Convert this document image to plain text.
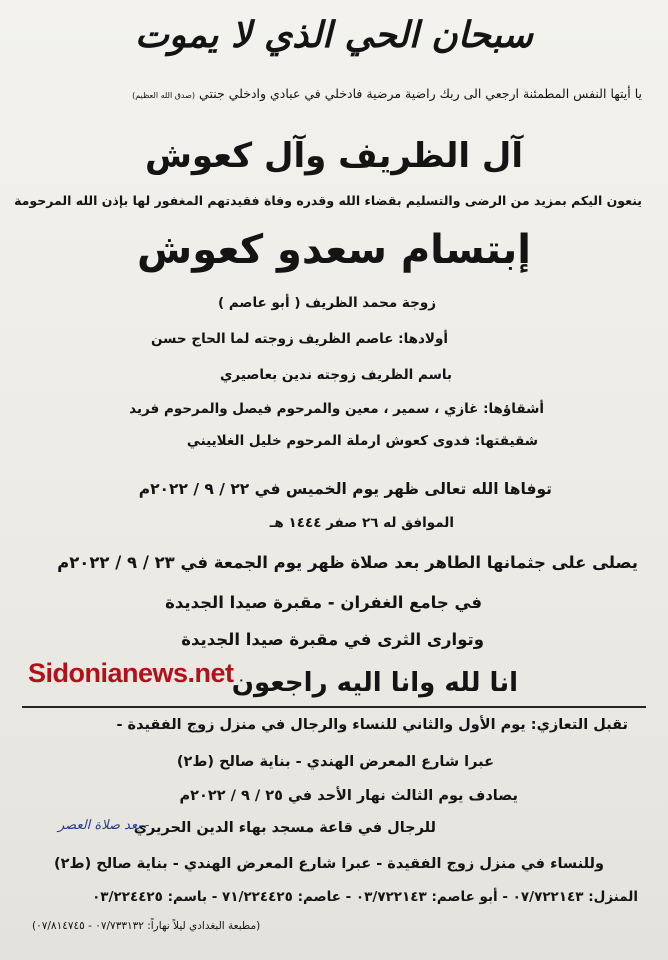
سبحان الحي الذي لا يموت
يا أيتها النفس المطمئنة ارجعي الى ربك راضية مرضية فادخلي في عبادي وادخلي جنتي (صدق الله العظيم)
آل الظريف وآل كعوش
ينعون اليكم بمزيد من الرضى والتسليم بقضاء الله وقدره وفاة فقيدتهم المغفور لها بإذن الله المرحومة
إبتسام سعدو كعوش
زوجة محمد الظريف ( أبو عاصم )
أولادها: عاصم الظريف زوجته لما الحاج حسن
باسم الظريف زوجته ندين بعاصيري
أشقاؤها: غازي ، سمير ، معين والمرحوم فيصل والمرحوم فريد
شقيقتها: فدوى كعوش ارملة المرحوم خليل الغلاييني
توفاها الله تعالى ظهر يوم الخميس في ٢٢ / ٩ / ٢٠٢٢م
الموافق له ٢٦ صفر ١٤٤٤ هـ
يصلى على جثمانها الطاهر بعد صلاة ظهر يوم الجمعة في ٢٣ / ٩ / ٢٠٢٢م
في جامع الغفران - مقبرة صيدا الجديدة
وتوارى الثرى في مقبرة صيدا الجديدة
انا لله وانا اليه راجعون
Sidonianews.net
تقبل التعازي: يوم الأول والثاني للنساء والرجال في منزل زوج الفقيدة -
عبرا شارع المعرض الهندي - بناية صالح (ط٢)
يصادف يوم الثالث نهار الأحد في ٢٥ / ٩ / ٢٠٢٢م
للرجال في قاعة مسجد بهاء الدين الحريري
- بعد صلاة العصر
وللنساء في منزل زوج الفقيدة - عبرا شارع المعرض الهندي - بناية صالح (ط٢)
المنزل: ٠٧/٧٢٢١٤٣ - أبو عاصم: ٠٣/٧٢٢١٤٣ - عاصم: ٧١/٢٢٤٤٢٥ - باسم: ٠٣/٢٢٤٤٢٥
(مطبعة البغدادي ليلاً نهاراً: ٠٧/٧٣٣١٣٢ - ٠٧/٨١٤٧٤٥)
